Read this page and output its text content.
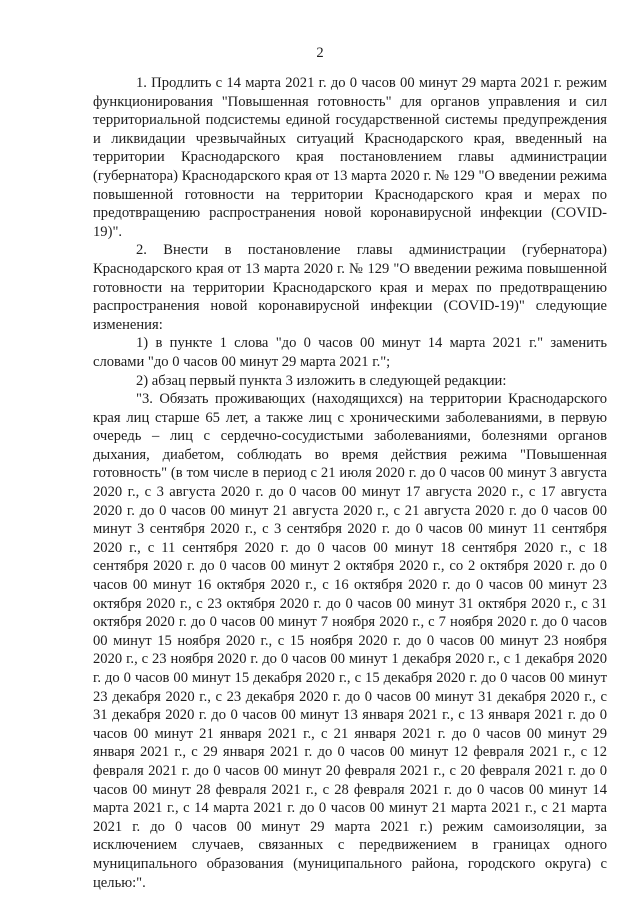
2

1. Продлить с 14 марта 2021 г. до 0 часов 00 минут 29 марта 2021 г. режим функционирования "Повышенная готовность" для органов управления и сил территориальной подсистемы единой государственной системы предупреждения и ликвидации чрезвычайных ситуаций Краснодарского края, введенный на территории Краснодарского края постановлением главы администрации (губернатора) Краснодарского края от 13 марта 2020 г. № 129 "О введении режима повышенной готовности на территории Краснодарского края и мерах по предотвращению распространения новой коронавирусной инфекции (COVID-19)".

2. Внести в постановление главы администрации (губернатора) Краснодарского края от 13 марта 2020 г. № 129 "О введении режима повышенной готовности на территории Краснодарского края и мерах по предотвращению распространения новой коронавирусной инфекции (COVID-19)" следующие изменения:

1) в пункте 1 слова "до 0 часов 00 минут 14 марта 2021 г." заменить словами "до 0 часов 00 минут 29 марта 2021 г.";

2) абзац первый пункта 3 изложить в следующей редакции:

"3. Обязать проживающих (находящихся) на территории Краснодарского края лиц старше 65 лет, а также лиц с хроническими заболеваниями, в первую очередь – лиц с сердечно-сосудистыми заболеваниями, болезнями органов дыхания, диабетом, соблюдать во время действия режима "Повышенная готовность" (в том числе в период с 21 июля 2020 г. до 0 часов 00 минут 3 августа 2020 г., с 3 августа 2020 г. до 0 часов 00 минут 17 августа 2020 г., с 17 августа 2020 г. до 0 часов 00 минут 21 августа 2020 г., с 21 августа 2020 г. до 0 часов 00 минут 3 сентября 2020 г., с 3 сентября 2020 г. до 0 часов 00 минут 11 сентября 2020 г., с 11 сентября 2020 г. до 0 часов 00 минут 18 сентября 2020 г., с 18 сентября 2020 г. до 0 часов 00 минут 2 октября 2020 г., со 2 октября 2020 г. до 0 часов 00 минут 16 октября 2020 г., с 16 октября 2020 г. до 0 часов 00 минут 23 октября 2020 г., с 23 октября 2020 г. до 0 часов 00 минут 31 октября 2020 г., с 31 октября 2020 г. до 0 часов 00 минут 7 ноября 2020 г., с 7 ноября 2020 г. до 0 часов 00 минут 15 ноября 2020 г., с 15 ноября 2020 г. до 0 часов 00 минут 23 ноября 2020 г., с 23 ноября 2020 г. до 0 часов 00 минут 1 декабря 2020 г., с 1 декабря 2020 г. до 0 часов 00 минут 15 декабря 2020 г., с 15 декабря 2020 г. до 0 часов 00 минут 23 декабря 2020 г., с 23 декабря 2020 г. до 0 часов 00 минут 31 декабря 2020 г., с 31 декабря 2020 г. до 0 часов 00 минут 13 января 2021 г., с 13 января 2021 г. до 0 часов 00 минут 21 января 2021 г., с 21 января 2021 г. до 0 часов 00 минут 29 января 2021 г., с 29 января 2021 г. до 0 часов 00 минут 12 февраля 2021 г., с 12 февраля 2021 г. до 0 часов 00 минут 20 февраля 2021 г., с 20 февраля 2021 г. до 0 часов 00 минут 28 февраля 2021 г., с 28 февраля 2021 г. до 0 часов 00 минут 14 марта 2021 г., с 14 марта 2021 г. до 0 часов 00 минут 21 марта 2021 г., с 21 марта 2021 г. до 0 часов 00 минут 29 марта 2021 г.) режим самоизоляции, за исключением случаев, связанных с передвижением в границах одного муниципального образования (муниципального района, городского округа) с целью:".
